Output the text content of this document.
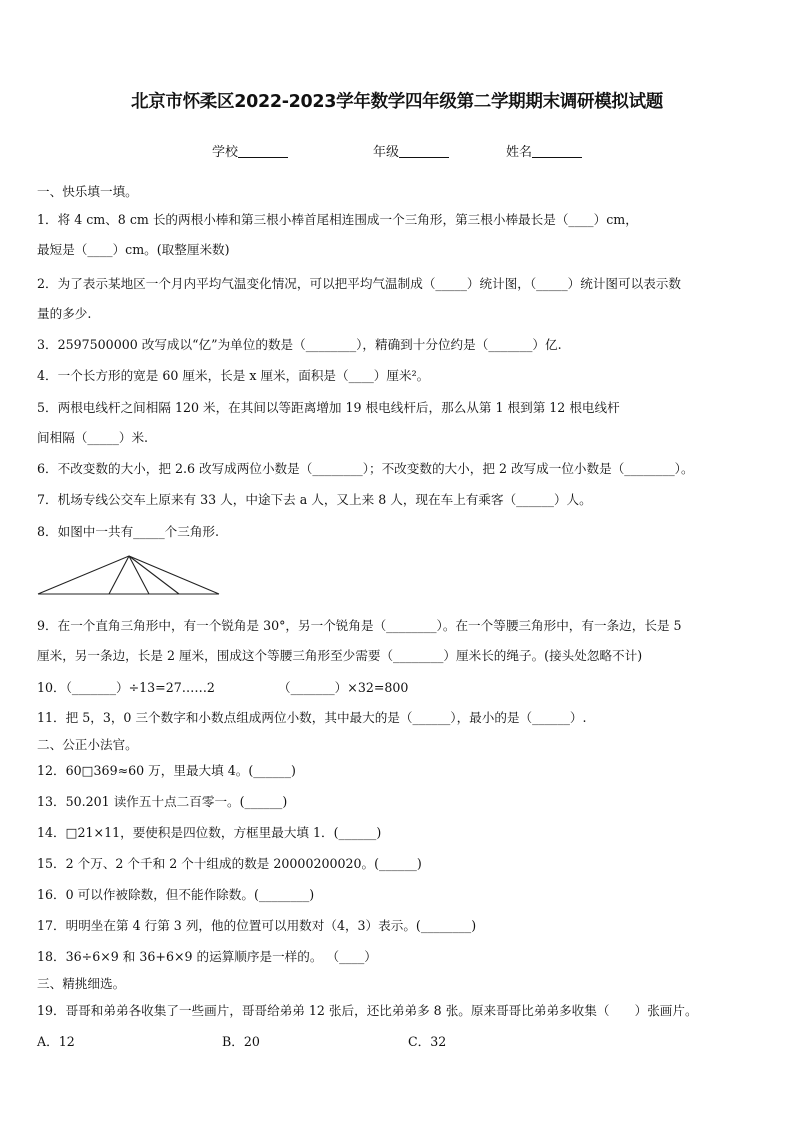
北京市怀柔区2022-2023学年数学四年级第二学期期末调研模拟试题
学校	年级	姓名
一、快乐填一填。
1．将 4 cm、8 cm 长的两根小棒和第三根小棒首尾相连围成一个三角形，第三根小棒最长是（____）cm，
最短是（____）cm。(取整厘米数)
2．为了表示某地区一个月内平均气温变化情况，可以把平均气温制成（_____）统计图，（_____）统计图可以表示数
量的多少.
3．2597500000 改写成以“亿”为单位的数是（________），精确到十分位约是（_______）亿.
4．一个长方形的宽是 60 厘米，长是 x 厘米，面积是（____）厘米²。
5．两根电线杆之间相隔 120 米，在其间以等距离增加 19 根电线杆后，那么从第 1 根到第 12 根电线杆
间相隔（_____）米.
6．不改变数的大小，把 2.6 改写成两位小数是（________）；不改变数的大小，把 2 改写成一位小数是（________）。
7．机场专线公交车上原来有 33 人，中途下去 a 人，又上来 8 人，现在车上有乘客（______）人。
8．如图中一共有_____个三角形.
9．在一个直角三角形中，有一个锐角是 30°，另一个锐角是（________）。在一个等腰三角形中，有一条边，长是 5
厘米，另一条边，长是 2 厘米，围成这个等腰三角形至少需要（________）厘米长的绳子。(接头处忽略不计)
10．（_______）÷13=27……2	（_______）×32=800
11．把 5，3，0 三个数字和小数点组成两位小数，其中最大的是（______），最小的是（______）.
二、公正小法官。
12．60□369≈60 万，里最大填 4。(______)
13．50.201 读作五十点二百零一。(______)
14．□21×11，要使积是四位数，方框里最大填 1．(______)
15．2 个万、2 个千和 2 个十组成的数是 20000200020。(______)
16．0 可以作被除数，但不能作除数。(________)
17．明明坐在第 4 行第 3 列，他的位置可以用数对（4，3）表示。(________)
18．36÷6×9 和 36+6×9 的运算顺序是一样的。 （____）
三、精挑细选。
19．哥哥和弟弟各收集了一些画片，哥哥给弟弟 12 张后，还比弟弟多 8 张。原来哥哥比弟弟多收集（　　）张画片。
A．12	B．20	C．32
